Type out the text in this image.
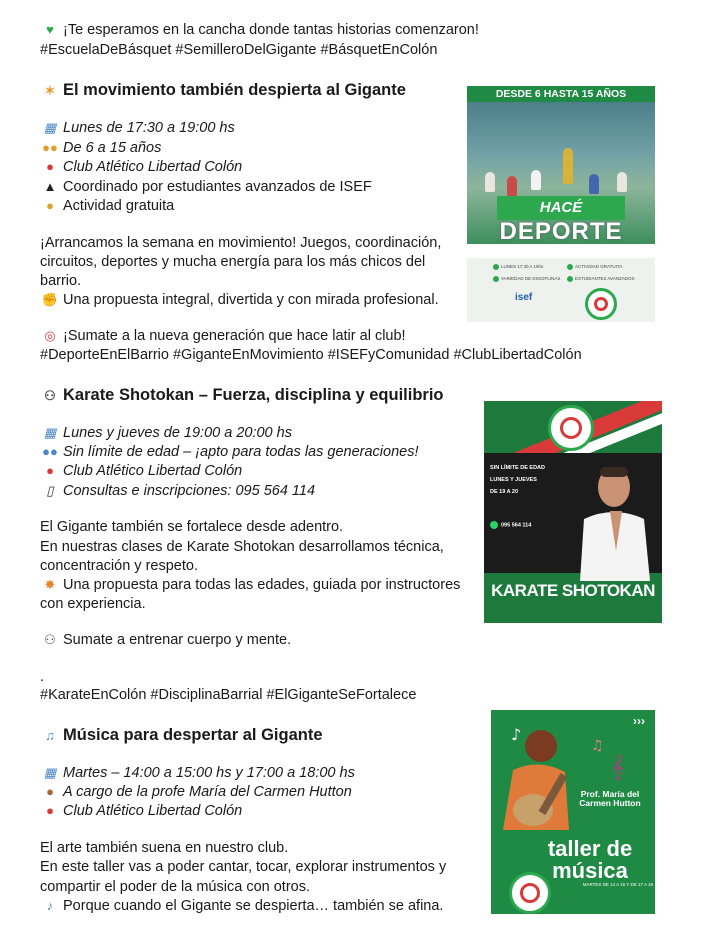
♥ ¡Te esperamos en la cancha donde tantas historias comenzaron!
#EscuelaDeBásquet #SemilleroDelGigante #BásquetEnColón
✶ El movimiento también despierta al Gigante
▦ Lunes de 17:30 a 19:00 hs
●● De 6 a 15 años
● Club Atlético Libertad Colón
▲ Coordinado por estudiantes avanzados de ISEF
● Actividad gratuita
¡Arrancamos la semana en movimiento! Juegos, coordinación,
circuitos, deportes y mucha energía para los más chicos del
barrio.
✊ Una propuesta integral, divertida y con mirada profesional.
◎ ¡Sumate a la nueva generación que hace latir al club!
#DeporteEnElBarrio #GiganteEnMovimiento #ISEFyComunidad #ClubLibertadColón
DESDE 6 HASTA 15 AÑOS
HACÉ
DEPORTE
LUNES 17:30 A 19hs	ACTIVIDAD GRATUITA
VARIEDAD DE DISCIPLINAS	ESTUDIANTES AVANZADOS
isef
⚇ Karate Shotokan – Fuerza, disciplina y equilibrio
▦ Lunes y jueves de 19:00 a 20:00 hs
●● Sin límite de edad – ¡apto para todas las generaciones!
● Club Atlético Libertad Colón
▯ Consultas e inscripciones: 095 564 114
El Gigante también se fortalece desde adentro.
En nuestras clases de Karate Shotokan desarrollamos técnica,
concentración y respeto.
✸ Una propuesta para todas las edades, guiada por instructores
con experiencia.
⚇ Sumate a entrenar cuerpo y mente.
.
#KarateEnColón #DisciplinaBarrial #ElGiganteSeFortalece
SIN LÍMITE DE EDAD
LUNES Y JUEVES
DE 19 A 20
095 564 114
KARATE SHOTOKAN
♫ Música para despertar al Gigante
▦ Martes – 14:00 a 15:00 hs y 17:00 a 18:00 hs
● A cargo de la profe María del Carmen Hutton
● Club Atlético Libertad Colón
El arte también suena en nuestro club.
En este taller vas a poder cantar, tocar, explorar instrumentos y
compartir el poder de la música con otros.
♪ Porque cuando el Gigante se despierta… también se afina.
›››
♪
𝄞
♫
Prof. María del Carmen Hutton
taller de música
MARTES DE 14 A 15 Y DE 17 A 18
